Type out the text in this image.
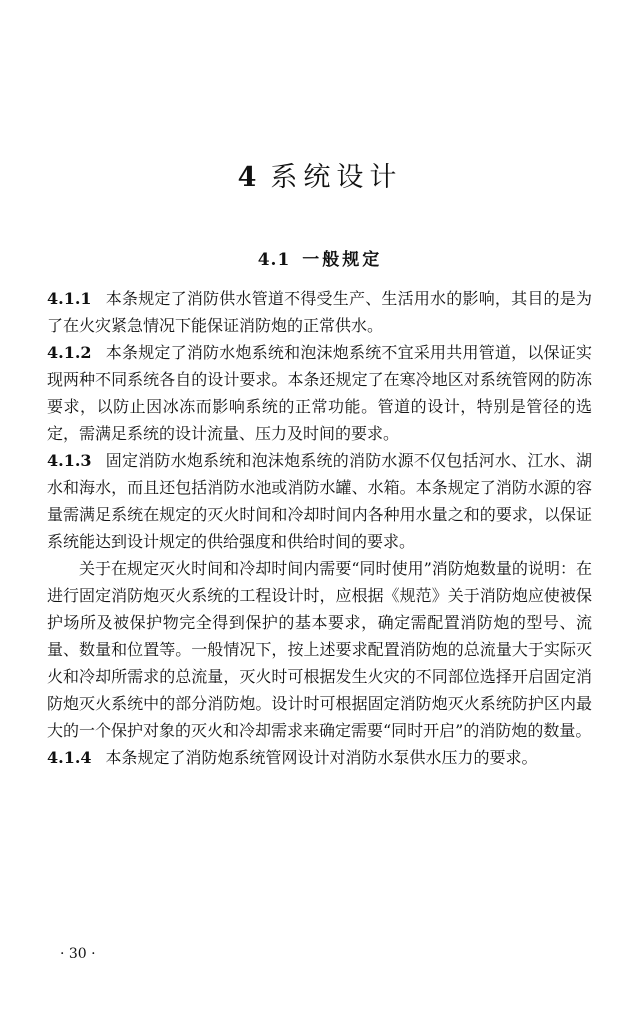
4 系统设计
4.1 一般规定

4.1.1 本条规定了消防供水管道不得受生产、生活用水的影响，其目的是为了在火灾紧急情况下能保证消防炮的正常供水。

4.1.2 本条规定了消防水炮系统和泡沫炮系统不宜采用共用管道，以保证实现两种不同系统各自的设计要求。本条还规定了在寒冷地区对系统管网的防冻要求，以防止因冰冻而影响系统的正常功能。管道的设计，特别是管径的选定，需满足系统的设计流量、压力及时间的要求。

4.1.3 固定消防水炮系统和泡沫炮系统的消防水源不仅包括河水、江水、湖水和海水，而且还包括消防水池或消防水罐、水箱。本条规定了消防水源的容量需满足系统在规定的灭火时间和冷却时间内各种用水量之和的要求，以保证系统能达到设计规定的供给强度和供给时间的要求。

关于在规定灭火时间和冷却时间内需要“同时使用”消防炮数量的说明：在进行固定消防炮灭火系统的工程设计时，应根据《规范》关于消防炮应使被保护场所及被保护物完全得到保护的基本要求，确定需配置消防炮的型号、流量、数量和位置等。一般情况下，按上述要求配置消防炮的总流量大于实际灭火和冷却所需求的总流量，灭火时可根据发生火灾的不同部位选择开启固定消防炮灭火系统中的部分消防炮。设计时可根据固定消防炮灭火系统防护区内最大的一个保护对象的灭火和冷却需求来确定需要“同时开启”的消防炮的数量。

4.1.4 本条规定了消防炮系统管网设计对消防水泵供水压力的要求。

· 30 ·
